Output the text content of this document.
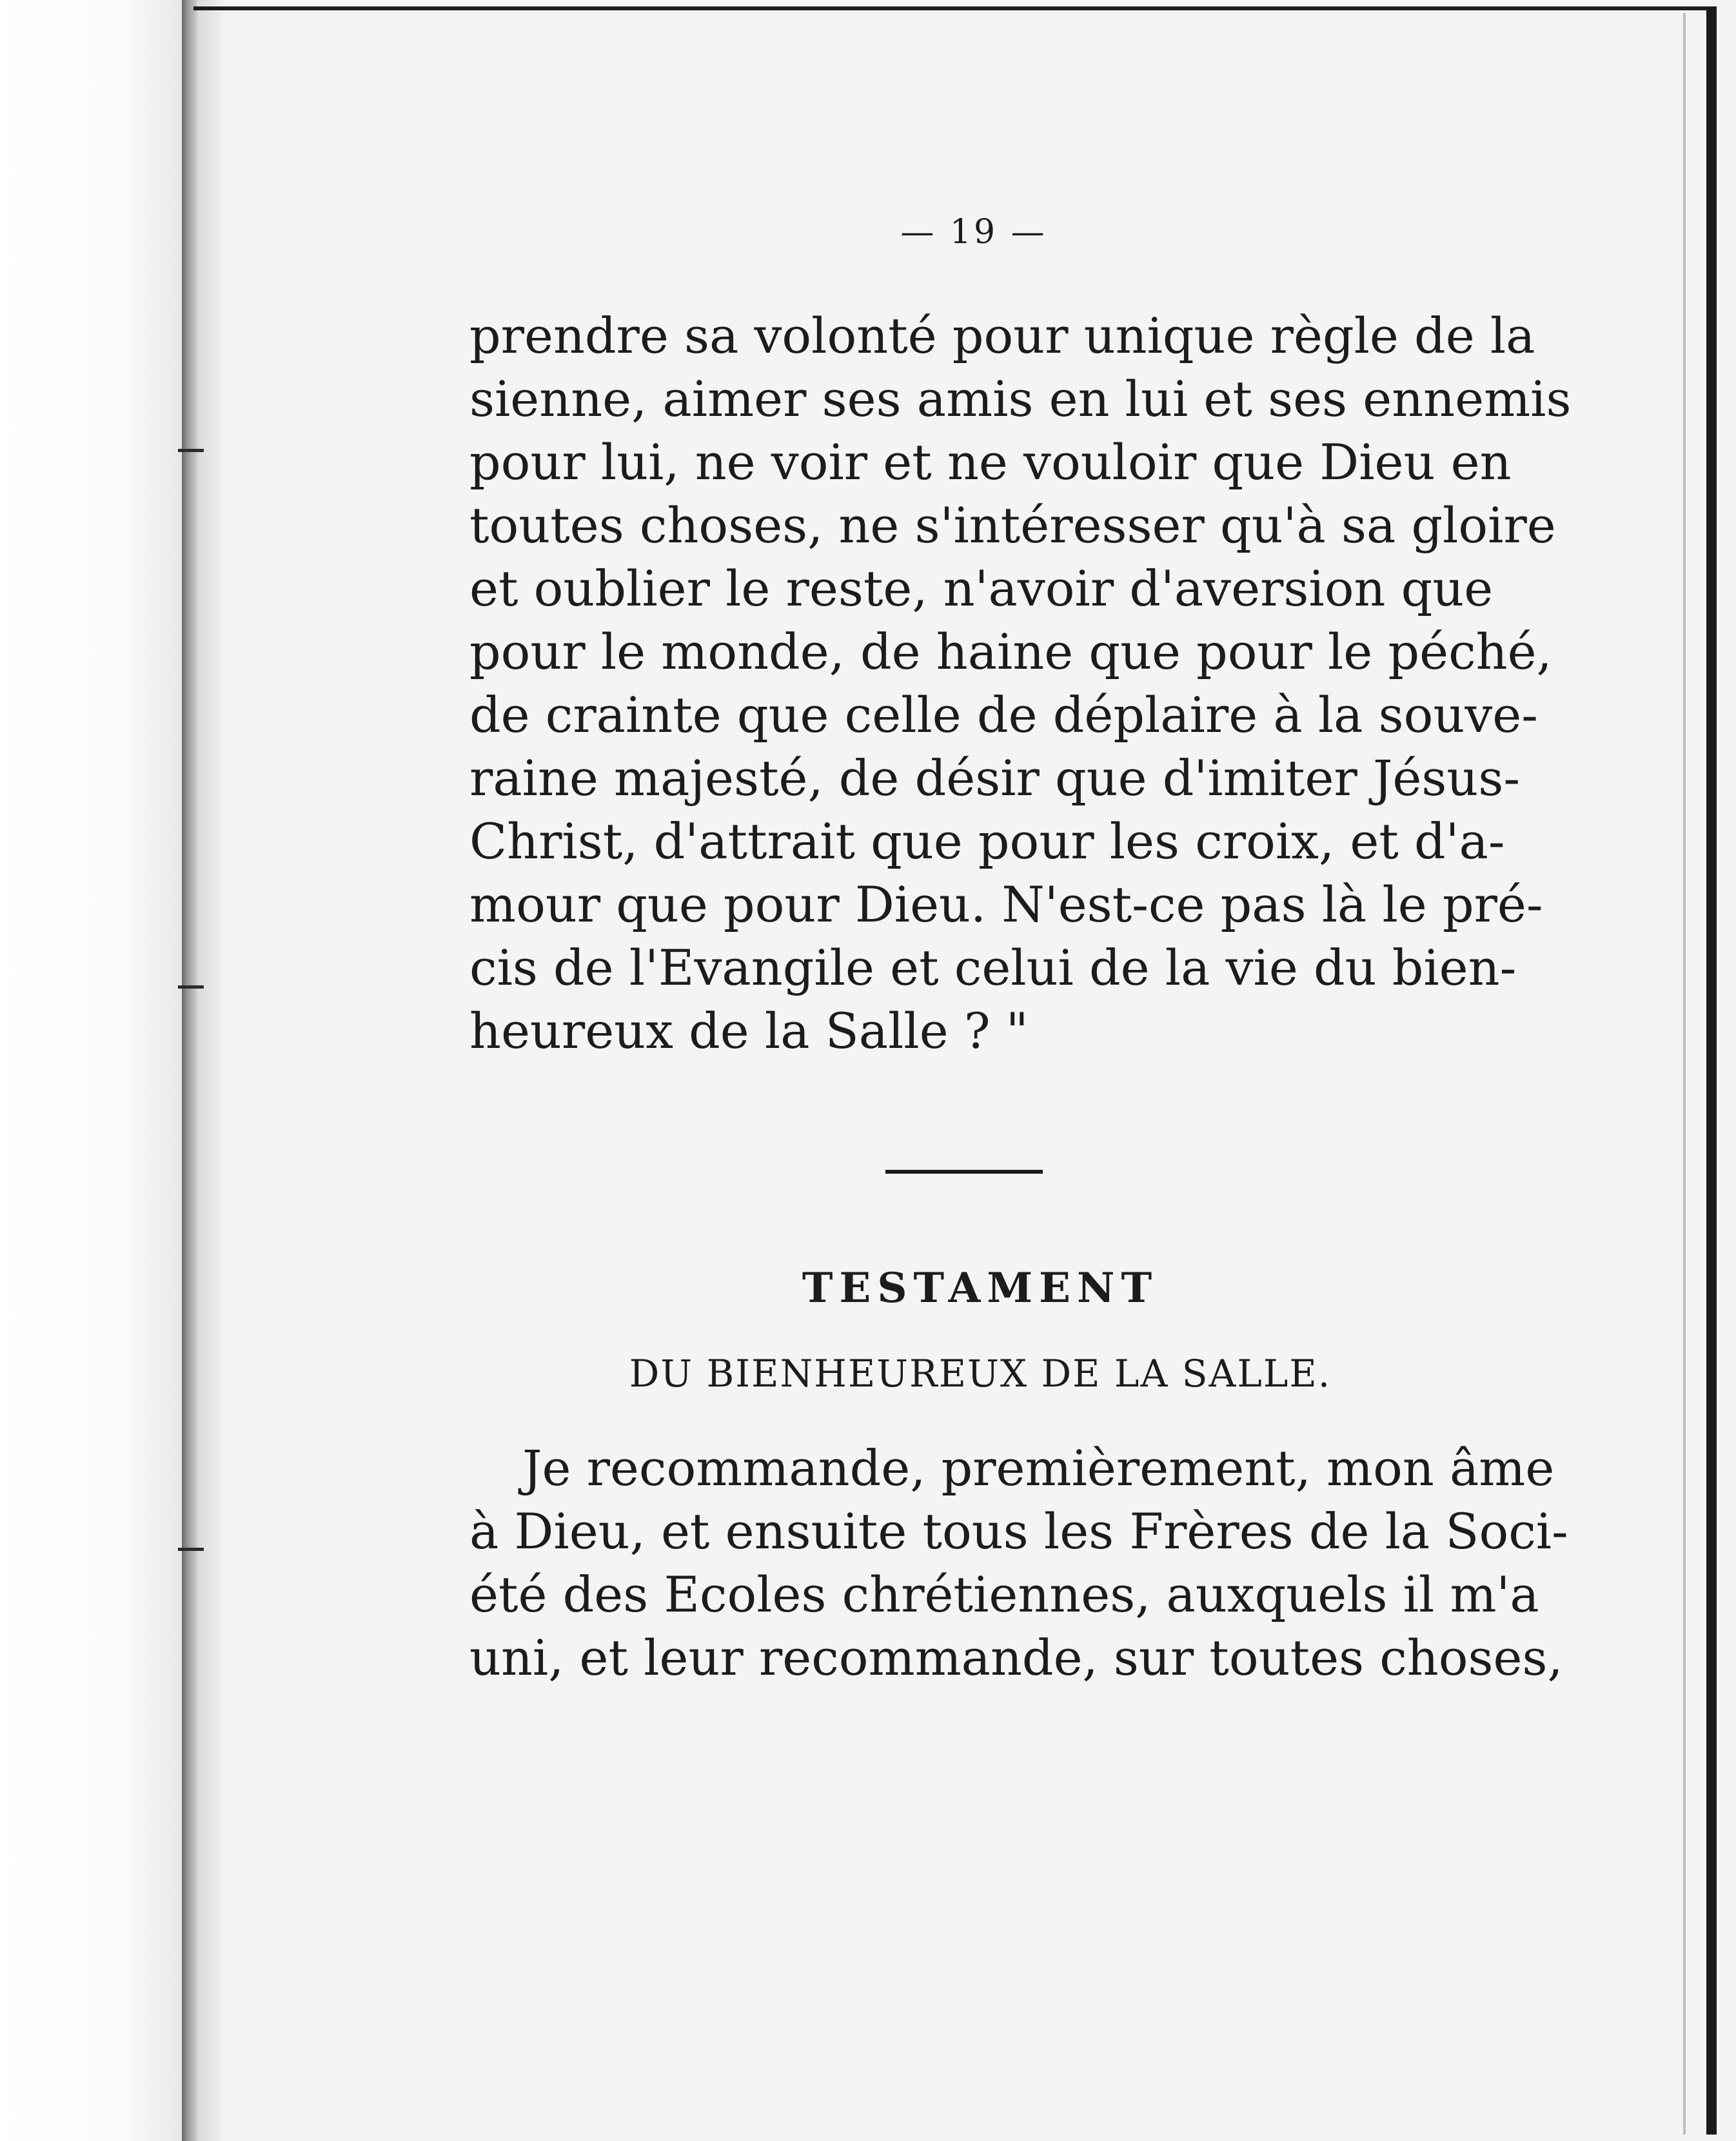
— 19 —
prendre sa volonté pour unique règle de la
sienne, aimer ses amis en lui et ses ennemis
pour lui, ne voir et ne vouloir que Dieu en
toutes choses, ne s'intéresser qu'à sa gloire
et oublier le reste, n'avoir d'aversion que
pour le monde, de haine que pour le péché,
de crainte que celle de déplaire à la souve-
raine majesté, de désir que d'imiter Jésus-
Christ, d'attrait que pour les croix, et d'a-
mour que pour Dieu. N'est-ce pas là le pré-
cis de l'Evangile et celui de la vie du bien-
heureux de la Salle ? "
TESTAMENT
DU BIENHEUREUX DE LA SALLE.
Je recommande, premièrement, mon âme
à Dieu, et ensuite tous les Frères de la Soci-
été des Ecoles chrétiennes, auxquels il m'a
uni, et leur recommande, sur toutes choses,
